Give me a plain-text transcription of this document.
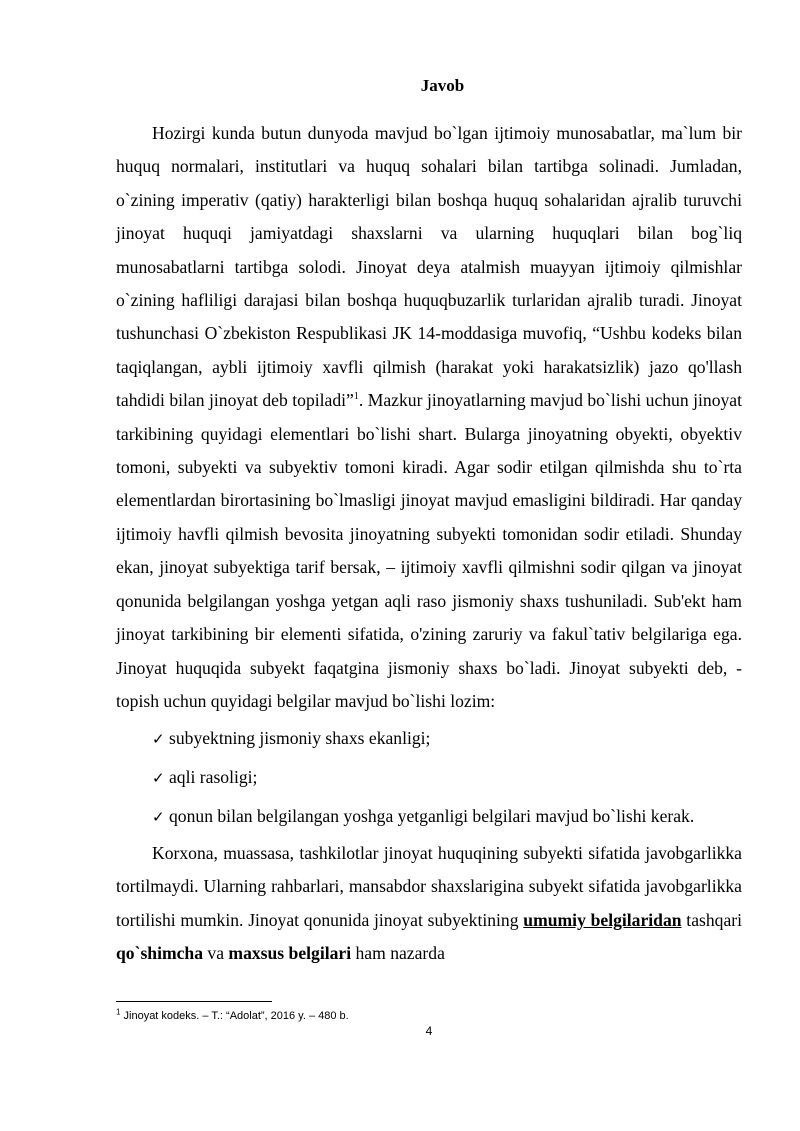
Javob

Hozirgi kunda butun dunyoda mavjud bo`lgan ijtimoiy munosabatlar, ma`lum bir huquq normalari, institutlari va huquq sohalari bilan tartibga solinadi. Jumladan, o`zining imperativ (qatiy) harakterligi bilan boshqa huquq sohalaridan ajralib turuvchi jinoyat huquqi jamiyatdagi shaxslarni va ularning huquqlari bilan bog`liq munosabatlarni tartibga solodi. Jinoyat deya atalmish muayyan ijtimoiy qilmishlar o`zining hafliligi darajasi bilan boshqa huquqbuzarlik turlaridan ajralib turadi. Jinoyat tushunchasi O`zbekiston Respublikasi JK 14-moddasiga muvofiq, “Ushbu kodeks bilan taqiqlangan, aybli ijtimoiy xavfli qilmish (harakat yoki harakatsizlik) jazo qo'llash tahdidi bilan jinoyat deb topiladi”$^1$. Mazkur jinoyatlarning mavjud bo`lishi uchun jinoyat tarkibining quyidagi elementlari bo`lishi shart. Bularga jinoyatning obyekti, obyektiv tomoni, subyekti va subyektiv tomoni kiradi. Agar sodir etilgan qilmishda shu to`rta elementlardan birortasining bo`lmasligi jinoyat mavjud emasligini bildiradi. Har qanday ijtimoiy havfli qilmish bevosita jinoyatning subyekti tomonidan sodir etiladi. Shunday ekan, jinoyat subyektiga tarif bersak, – ijtimoiy xavfli qilmishni sodir qilgan va jinoyat qonunida belgilangan yoshga yetgan aqli raso jismoniy shaxs tushuniladi. Sub'ekt ham jinoyat tarkibining bir elementi sifatida, o'zining zaruriy va fakul`tativ belgilariga ega. Jinoyat huquqida subyekt faqatgina jismoniy shaxs bo`ladi. Jinoyat subyekti deb, - topish uchun quyidagi belgilar mavjud bo`lishi lozim:

✓ subyektning jismoniy shaxs ekanligi;

✓ aqli rasoligi;

✓ qonun bilan belgilangan yoshga yetganligi belgilari mavjud bo`lishi kerak.

Korxona, muassasa, tashkilotlar jinoyat huquqining subyekti sifatida javobgarlikka tortilmaydi. Ularning rahbarlari, mansabdor shaxslarigina subyekt sifatida javobgarlikka tortilishi mumkin. Jinoyat qonunida jinoyat subyektining umumiy belgilaridan tashqari qo`shimcha va maxsus belgilari ham nazarda

$^1$ Jinoyat kodeks. – T.: “Adolat”, 2016 y. – 480 b.
4
